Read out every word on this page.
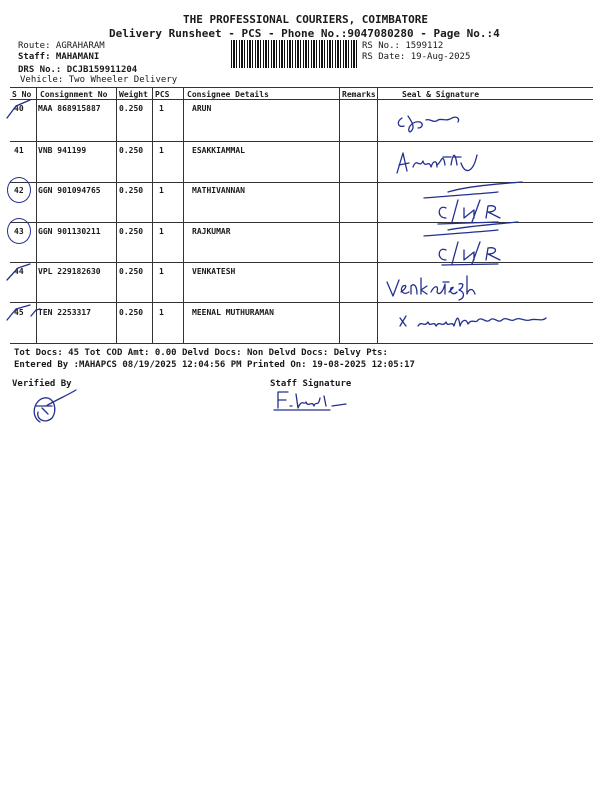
THE PROFESSIONAL COURIERS, COIMBATORE
Delivery Runsheet - PCS - Phone No.:9047080280 - Page No.:4
Route: AGRAHARAM
Staff: MAHAMANI
DRS No.: DCJB159911204
Vehicle: Two Wheeler Delivery
RS No.: 1599112
RS Date: 19-Aug-2025
S No Consignment No Weight PCS Consignee Details	Remarks	Seal & Signature
40 MAA 868915887 0.250 1	ARUN
41 VNB 941199	0.250 1	ESAKKIAMMAL
42 GGN 901094765 0.250 1	MATHIVANNAN
43 GGN 901130211 0.250 1	RAJKUMAR
44 VPL 229182630 0.250 1	VENKATESH
45 TEN 2253317	0.250 1	MEENAL MUTHURAMAN
Tot Docs: 45 Tot COD Amt: 0.00 Delvd Docs: Non Delvd Docs: Delvy Pts:
Entered By :MAHAPCS 08/19/2025 12:04:56 PM Printed On: 19-08-2025 12:05:17
Verified By	Staff Signature
